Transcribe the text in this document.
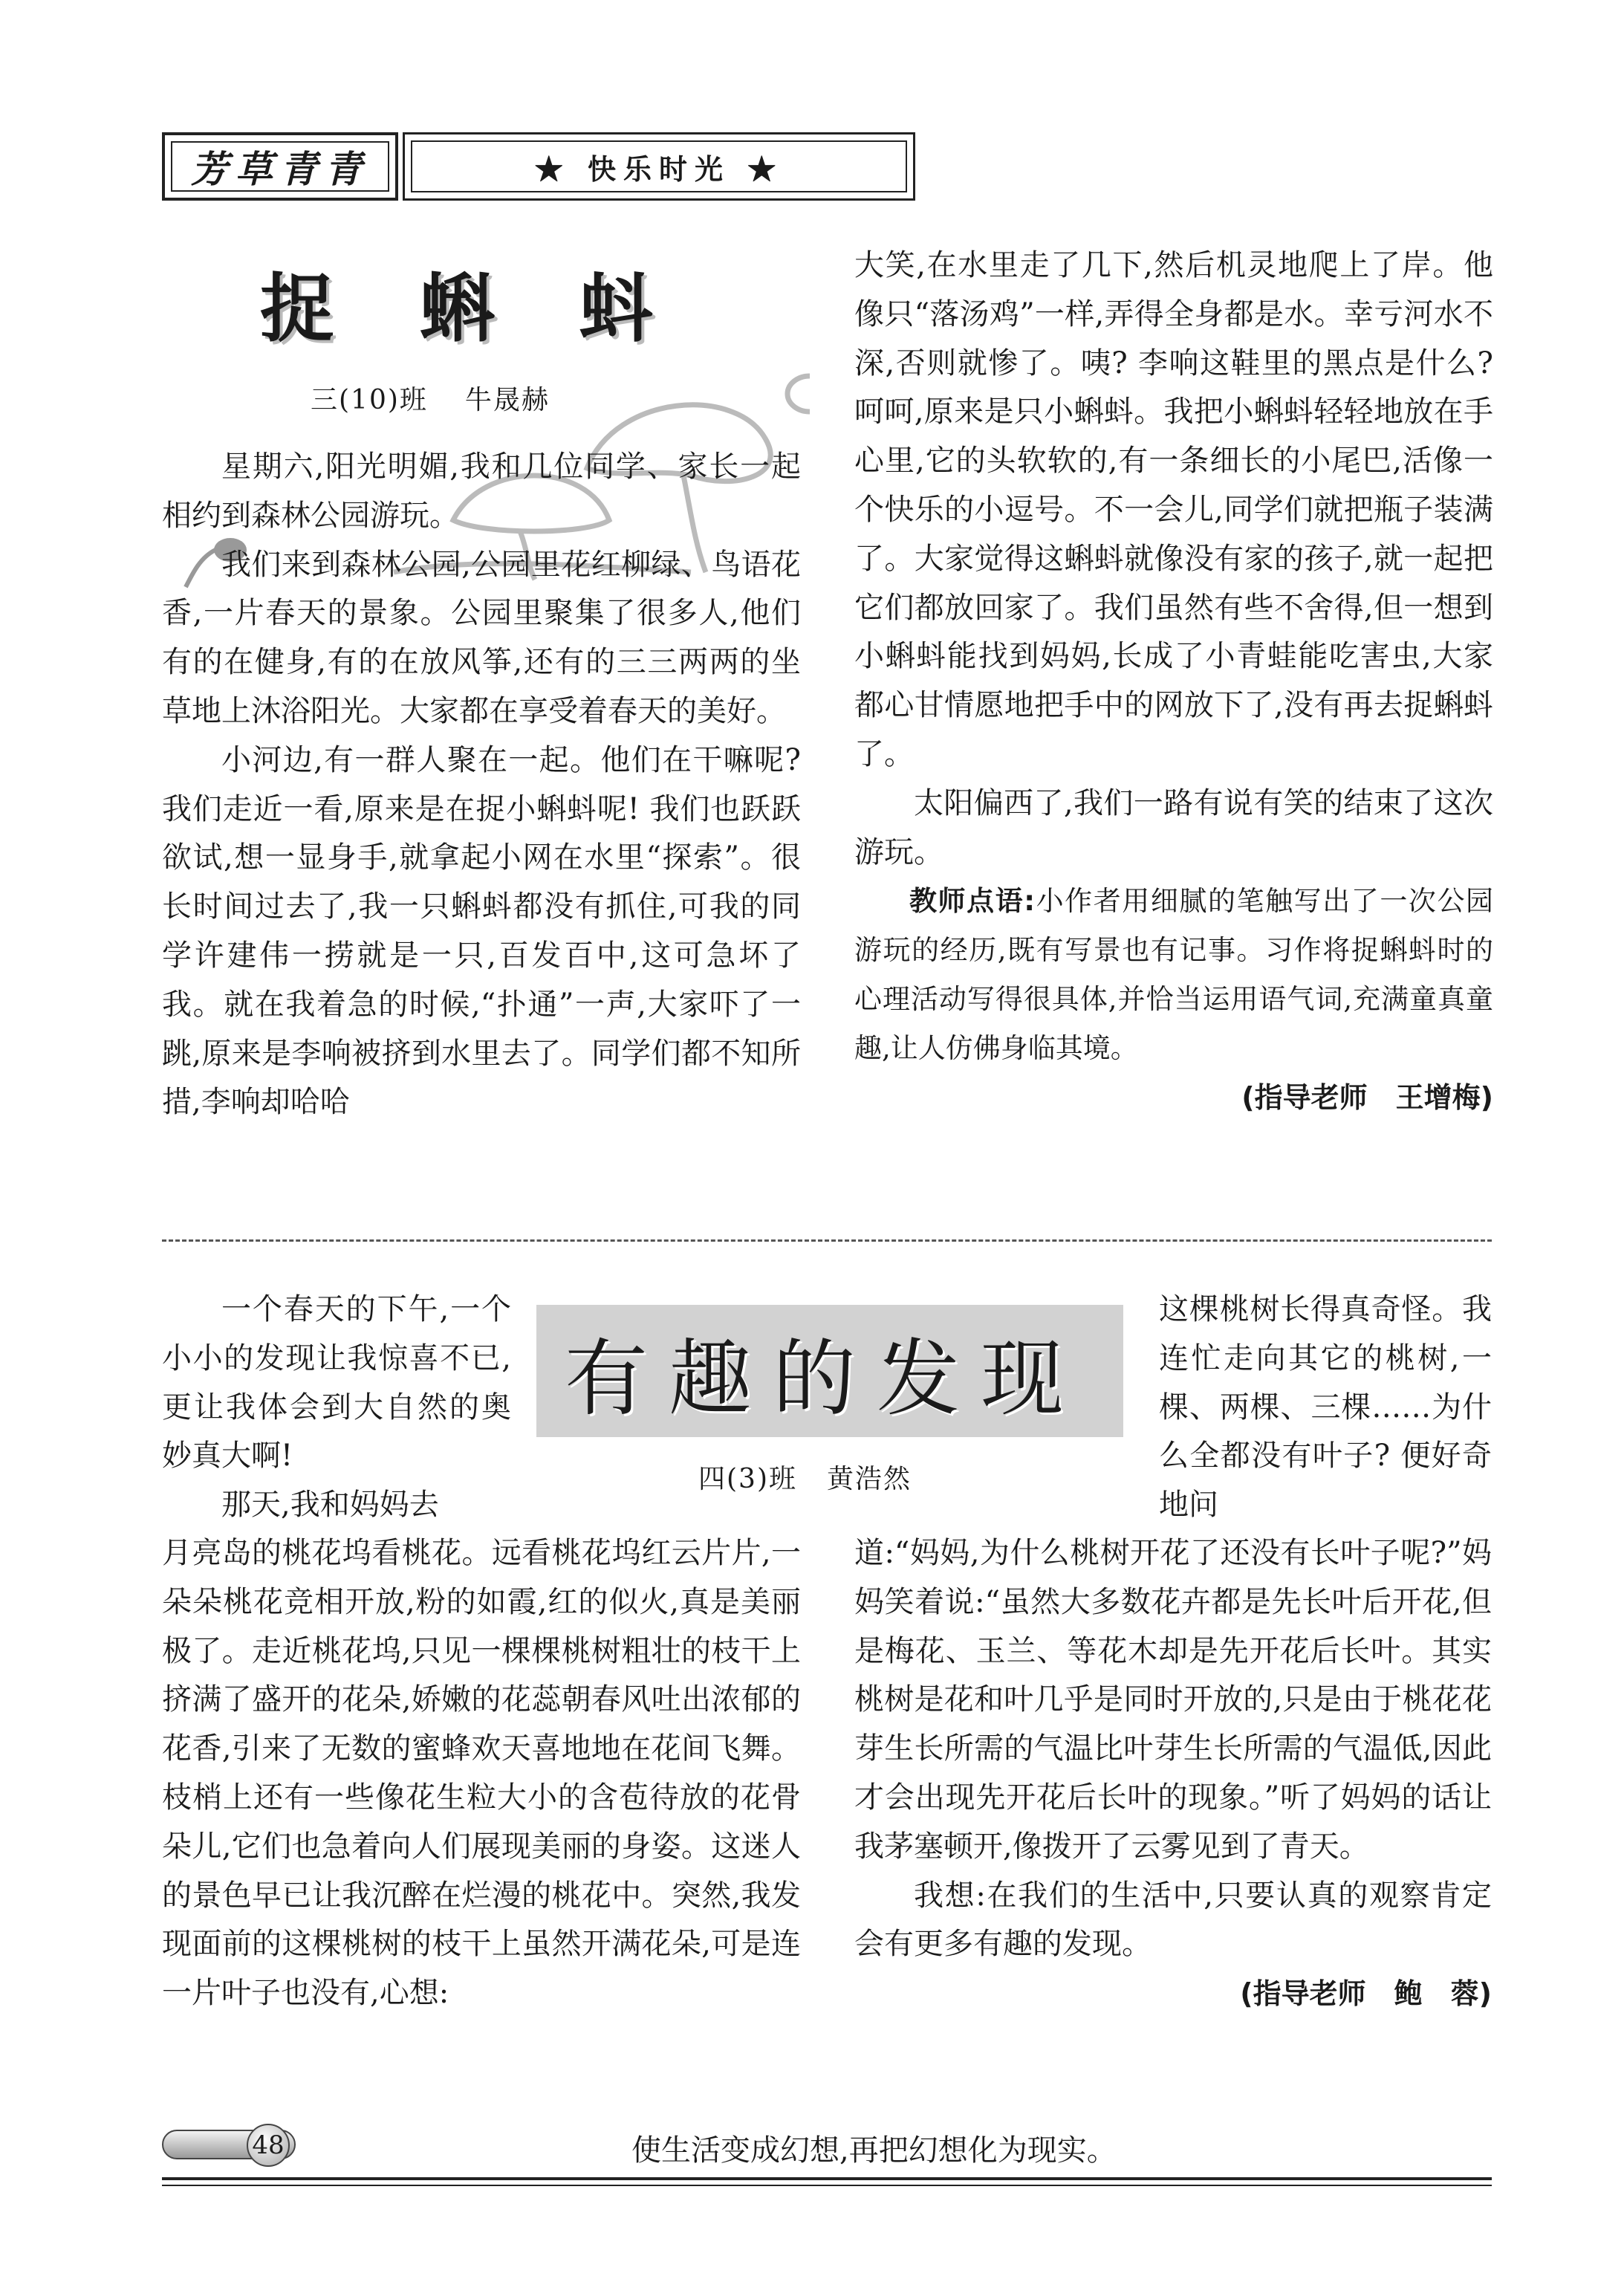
芳草青青	★ 快乐时光 ★
捉 蝌 蚪
三(10)班 牛晟赫

星期六,阳光明媚,我和几位同学、家长一起相约到森林公园游玩。

我们来到森林公园,公园里花红柳绿、鸟语花香,一片春天的景象。公园里聚集了很多人,他们有的在健身,有的在放风筝,还有的三三两两的坐草地上沐浴阳光。大家都在享受着春天的美好。

小河边,有一群人聚在一起。他们在干嘛呢? 我们走近一看,原来是在捉小蝌蚪呢! 我们也跃跃欲试,想一显身手,就拿起小网在水里“探索”。很长时间过去了,我一只蝌蚪都没有抓住,可我的同学许建伟一捞就是一只,百发百中,这可急坏了我。就在我着急的时候,“扑通”一声,大家吓了一跳,原来是李响被挤到水里去了。同学们都不知所措,李响却哈哈

大笑,在水里走了几下,然后机灵地爬上了岸。他像只“落汤鸡”一样,弄得全身都是水。幸亏河水不深,否则就惨了。咦? 李响这鞋里的黑点是什么? 呵呵,原来是只小蝌蚪。我把小蝌蚪轻轻地放在手心里,它的头软软的,有一条细长的小尾巴,活像一个快乐的小逗号。不一会儿,同学们就把瓶子装满了。大家觉得这蝌蚪就像没有家的孩子,就一起把它们都放回家了。我们虽然有些不舍得,但一想到小蝌蚪能找到妈妈,长成了小青蛙能吃害虫,大家都心甘情愿地把手中的网放下了,没有再去捉蝌蚪了。

太阳偏西了,我们一路有说有笑的结束了这次游玩。

教师点语:小作者用细腻的笔触写出了一次公园游玩的经历,既有写景也有记事。习作将捉蝌蚪时的心理活动写得很具体,并恰当运用语气词,充满童真童趣,让人仿佛身临其境。

(指导老师　王增梅)
有趣的发现
四(3)班 黄浩然

一个春天的下午,一个小小的发现让我惊喜不已,更让我体会到大自然的奥妙真大啊!

那天,我和妈妈去

这棵桃树长得真奇怪。我连忙走向其它的桃树,一棵、两棵、三棵……为什么全都没有叶子? 便好奇地问

月亮岛的桃花坞看桃花。远看桃花坞红云片片,一朵朵桃花竞相开放,粉的如霞,红的似火,真是美丽极了。走近桃花坞,只见一棵棵桃树粗壮的枝干上挤满了盛开的花朵,娇嫩的花蕊朝春风吐出浓郁的花香,引来了无数的蜜蜂欢天喜地地在花间飞舞。枝梢上还有一些像花生粒大小的含苞待放的花骨朵儿,它们也急着向人们展现美丽的身姿。这迷人的景色早已让我沉醉在烂漫的桃花中。突然,我发现面前的这棵桃树的枝干上虽然开满花朵,可是连一片叶子也没有,心想:

道:“妈妈,为什么桃树开花了还没有长叶子呢?”妈妈笑着说:“虽然大多数花卉都是先长叶后开花,但是梅花、玉兰、等花木却是先开花后长叶。其实桃树是花和叶几乎是同时开放的,只是由于桃花花芽生长所需的气温比叶芽生长所需的气温低,因此才会出现先开花后长叶的现象。”听了妈妈的话让我茅塞顿开,像拨开了云雾见到了青天。

我想:在我们的生活中,只要认真的观察肯定会有更多有趣的发现。

(指导老师　鲍　蓉)
48	使生活变成幻想,再把幻想化为现实。
